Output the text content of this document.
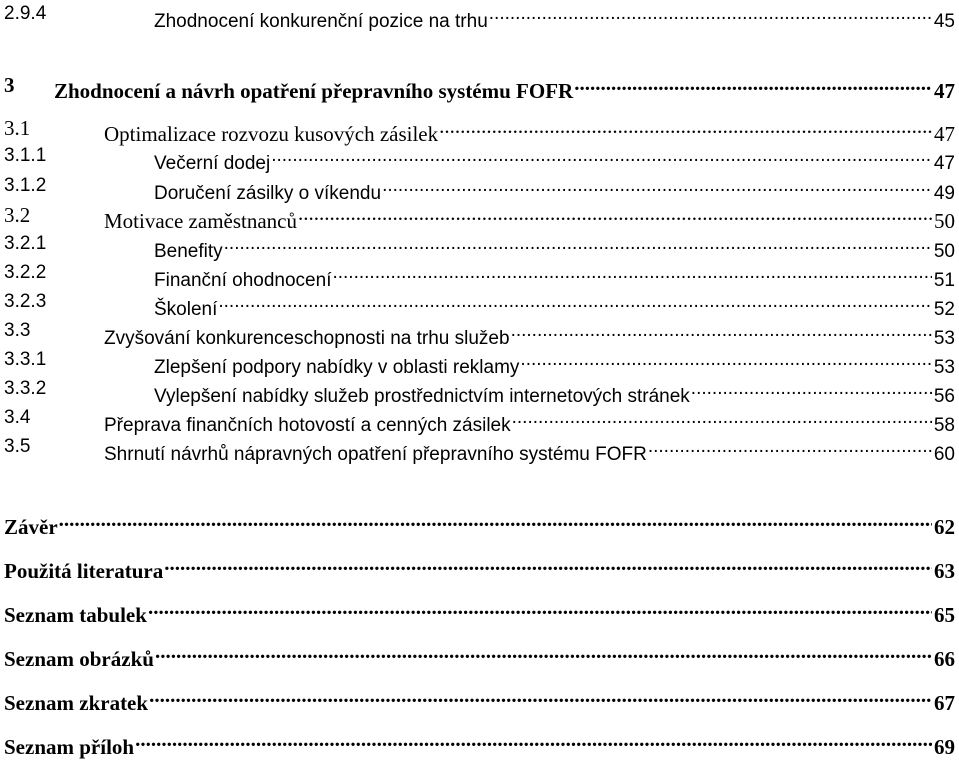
2.9.4	Zhodnocení konkurenční pozice na trhu .....	45
3 Zhodnocení a návrh opatření přepravního systému FOFR .....	47
3.1	Optimalizace rozvozu kusových zásilek .....	47
3.1.1	Večerní dodej .....	47
3.1.2	Doručení zásilky o víkendu .....	49
3.2	Motivace zaměstnanců .....	50
3.2.1	Benefity .....	50
3.2.2	Finanční ohodnocení .....	51
3.2.3	Školení .....	52
3.3	Zvyšování konkurenceschopnosti na trhu služeb .....	53
3.3.1	Zlepšení podpory nabídky v oblasti reklamy .....	53
3.3.2	Vylepšení nabídky služeb prostřednictvím internetových stránek .....	56
3.4	Přeprava finančních hotovostí a cenných zásilek .....	58
3.5	Shrnutí návrhů nápravných opatření přepravního systému FOFR .....	60
Závěr .....	62
Použitá literatura .....	63
Seznam tabulek .....	65
Seznam obrázků .....	66
Seznam zkratek .....	67
Seznam příloh .....	69
